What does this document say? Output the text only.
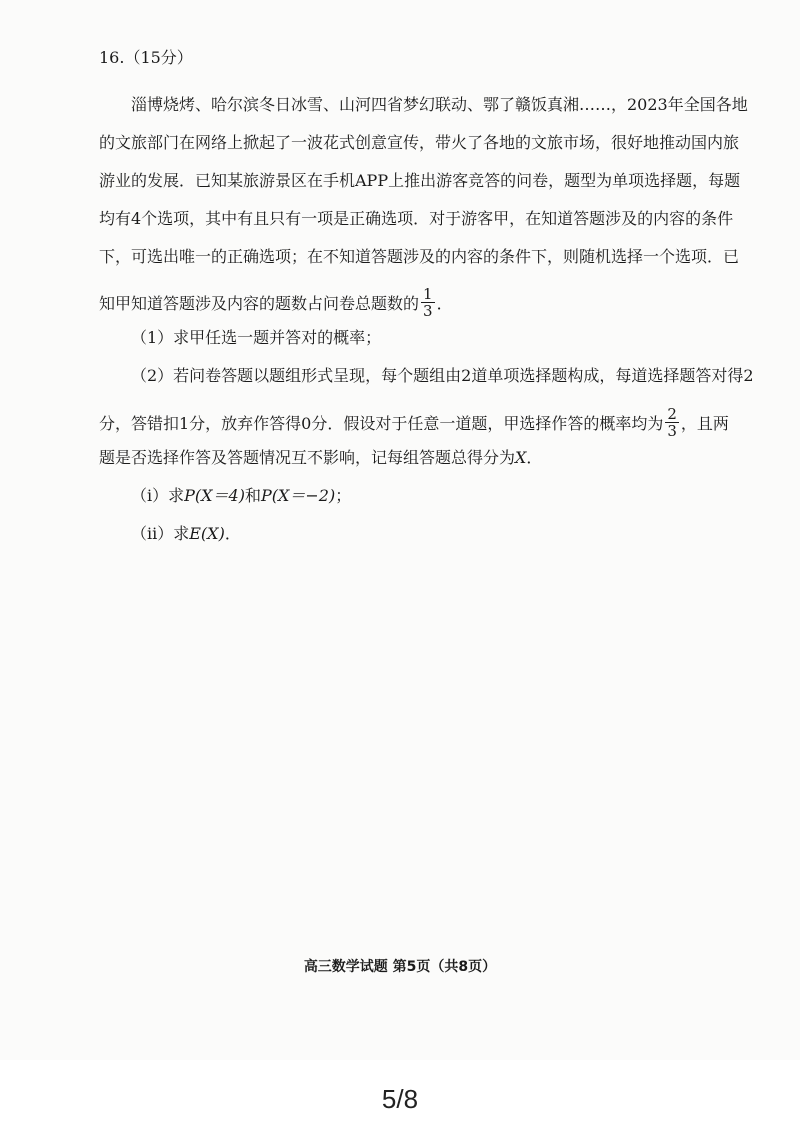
16.（15分）
淄博烧烤、哈尔滨冬日冰雪、山河四省梦幻联动、鄂了赣饭真湘……，2023年全国各地
的文旅部门在网络上掀起了一波花式创意宣传，带火了各地的文旅市场，很好地推动国内旅
游业的发展．已知某旅游景区在手机APP上推出游客竞答的问卷，题型为单项选择题，每题
均有4个选项，其中有且只有一项是正确选项．对于游客甲，在知道答题涉及的内容的条件
下，可选出唯一的正确选项；在不知道答题涉及的内容的条件下，则随机选择一个选项．已
知甲知道答题涉及内容的题数占问卷总题数的 $\frac{1}{3}$ ．
（1）求甲任选一题并答对的概率；
（2）若问卷答题以题组形式呈现，每个题组由2道单项选择题构成，每道选择题答对得2
分，答错扣1分，放弃作答得0分．假设对于任意一道题，甲选择作答的概率均为 $\frac{2}{3}$ ，且两
题是否选择作答及答题情况互不影响，记每组答题总得分为X．
（i）求P(X＝4)和P(X＝−2)；
（ii）求E(X)．
高三数学试题 第5页（共8页）
5/8
